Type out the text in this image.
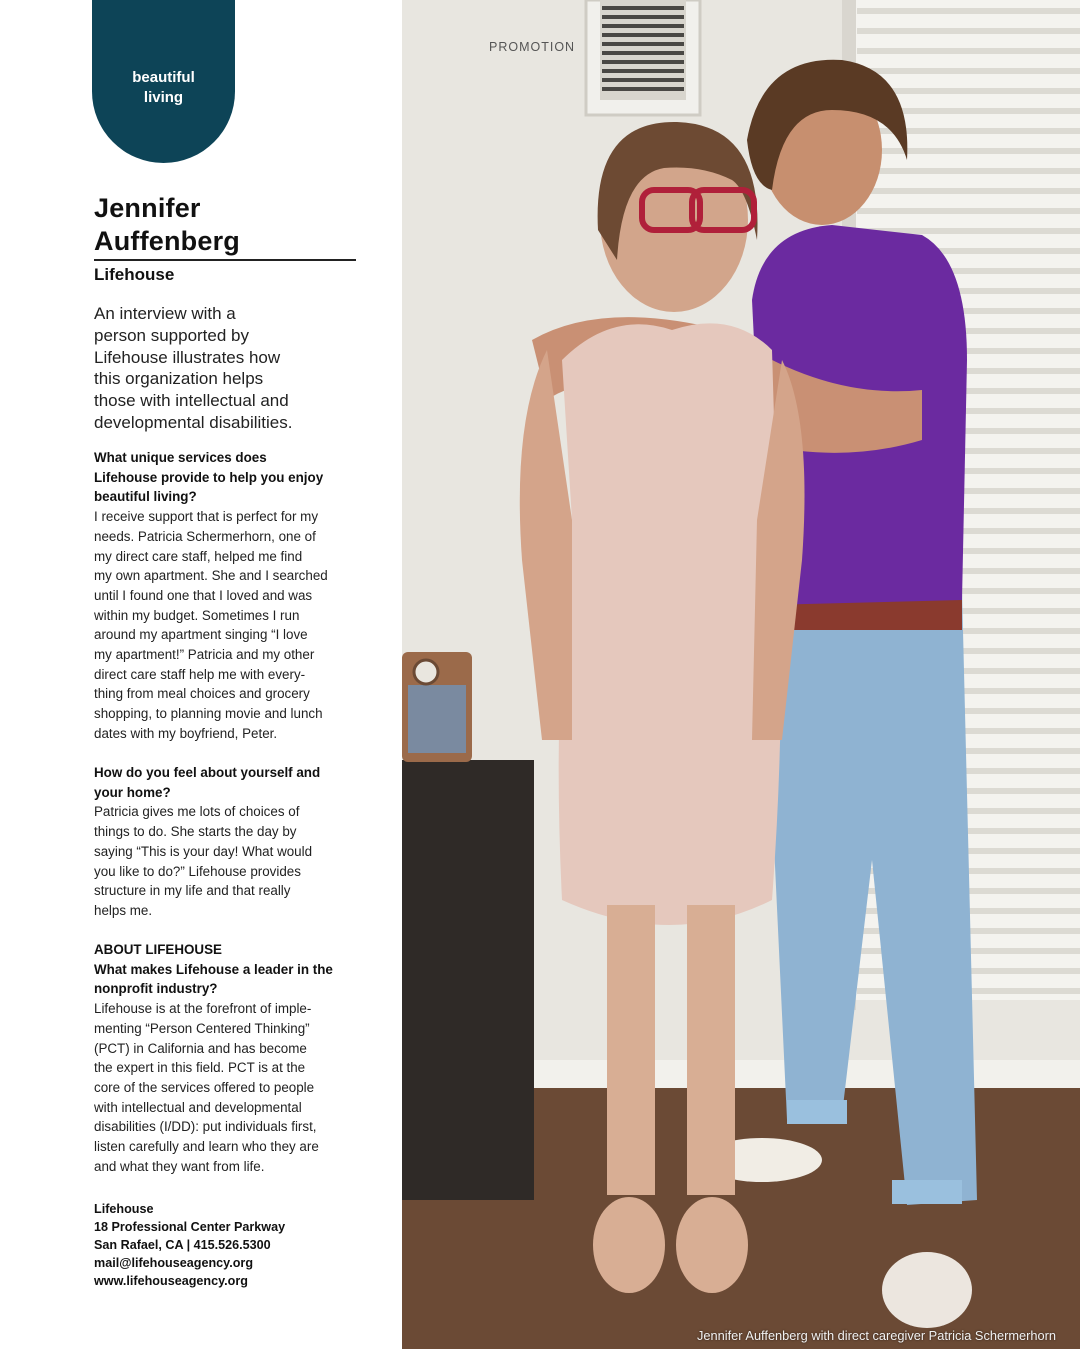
beautiful
living
Jennifer
Auffenberg
Lifehouse
An interview with a
person supported by
Lifehouse illustrates how
this organization helps
those with intellectual and
developmental disabilities.
What unique services does
Lifehouse provide to help you enjoy
beautiful living?
I receive support that is perfect for my
needs. Patricia Schermerhorn, one of
my direct care staff, helped me find
my own apartment. She and I searched
until I found one that I loved and was
within my budget. Sometimes I run
around my apartment singing “I love
my apartment!” Patricia and my other
direct care staff help me with every-
thing from meal choices and grocery
shopping, to planning movie and lunch
dates with my boyfriend, Peter.
How do you feel about yourself and
your home?
Patricia gives me lots of choices of
things to do. She starts the day by
saying “This is your day! What would
you like to do?” Lifehouse provides
structure in my life and that really
helps me.
ABOUT LIFEHOUSE
What makes Lifehouse a leader in the
nonprofit industry?
Lifehouse is at the forefront of imple-
menting “Person Centered Thinking”
(PCT) in California and has become
the expert in this field. PCT is at the
core of the services offered to people
with intellectual and developmental
disabilities (I/DD): put individuals first,
listen carefully and learn who they are
and what they want from life.
Lifehouse
18 Professional Center Parkway
San Rafael, CA | 415.526.5300
mail@lifehouseagency.org
www.lifehouseagency.org
Jennifer Auffenberg with direct caregiver Patricia Schermerhorn
PROMOTION
